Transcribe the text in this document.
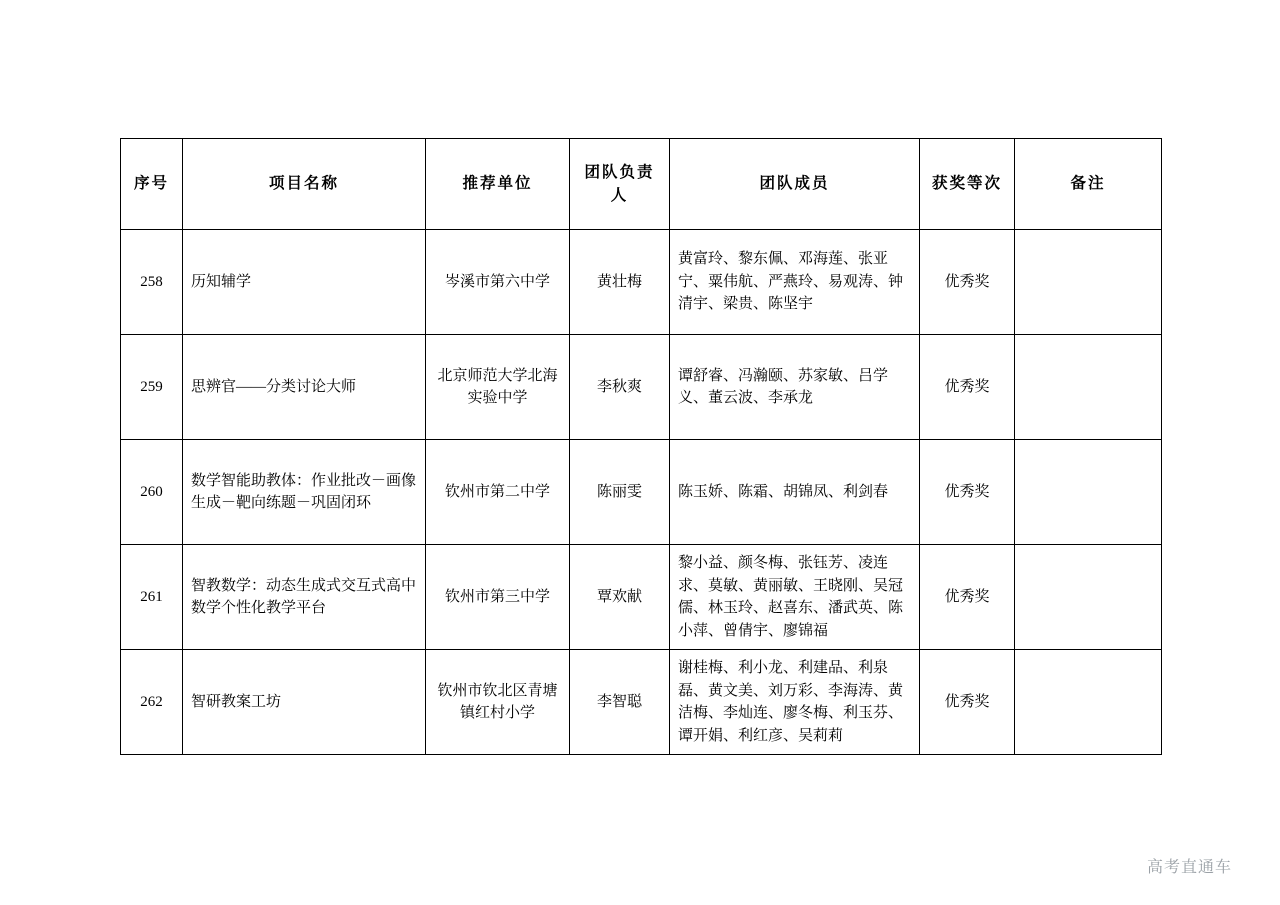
序号	项目名称	推荐单位	团队负责人	团队成员	获奖等次	备注
258	历知辅学	岑溪市第六中学	黄壮梅	黄富玲、黎东佩、邓海莲、张亚宁、粟伟航、严燕玲、易观涛、钟清宇、梁贵、陈坚宇	优秀奖	
259	思辨官——分类讨论大师	北京师范大学北海实验中学	李秋爽	谭舒睿、冯瀚颐、苏家敏、吕学义、董云波、李承龙	优秀奖	
260	数学智能助教体：作业批改－画像生成－靶向练题－巩固闭环	钦州市第二中学	陈丽雯	陈玉娇、陈霜、胡锦凤、利剑春	优秀奖	
261	智教数学：动态生成式交互式高中数学个性化教学平台	钦州市第三中学	覃欢献	黎小益、颜冬梅、张钰芳、凌连求、莫敏、黄丽敏、王晓刚、吴冠儒、林玉玲、赵喜东、潘武英、陈小萍、曾倩宇、廖锦福	优秀奖	
262	智研教案工坊	钦州市钦北区青塘镇红村小学	李智聪	谢桂梅、利小龙、利建品、利泉磊、黄文美、刘万彩、李海涛、黄洁梅、李灿连、廖冬梅、利玉芬、谭开娟、利红彦、吴莉莉	优秀奖	
高考直通车
